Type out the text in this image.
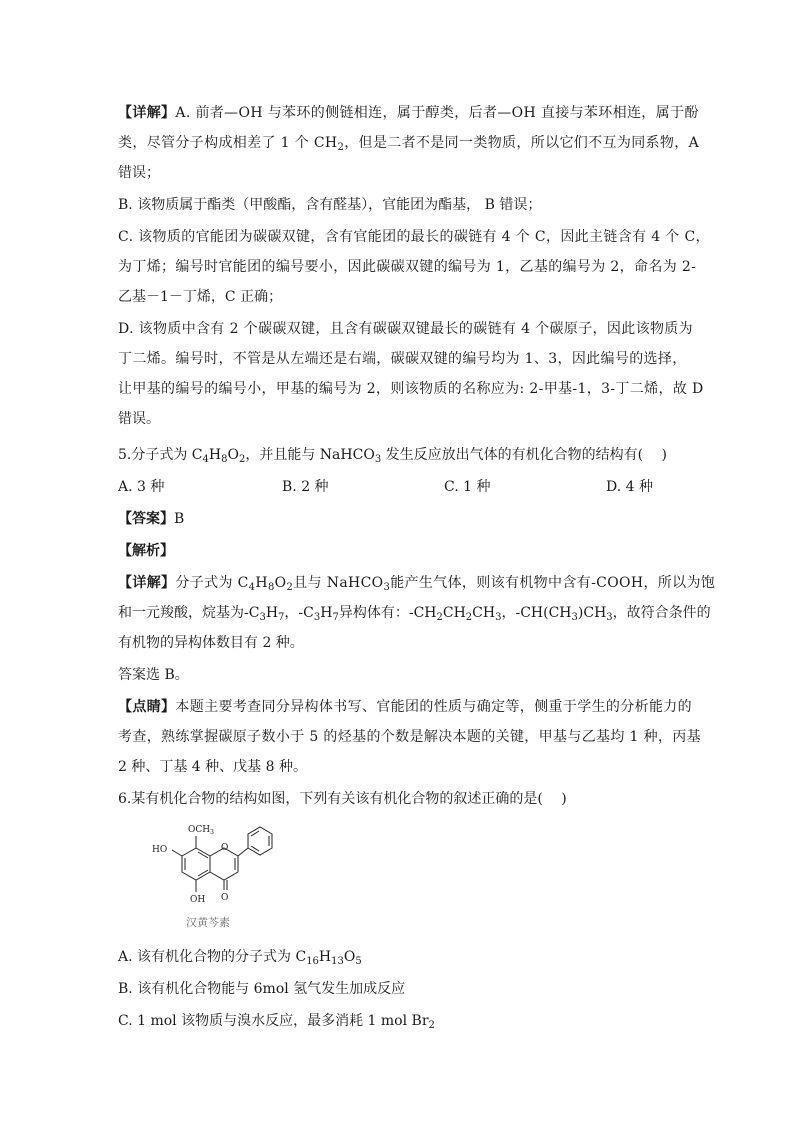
【详解】A. 前者—OH 与苯环的侧链相连，属于醇类，后者—OH 直接与苯环相连，属于酚
类，尽管分子构成相差了 1 个 $CH_2$，但是二者不是同一类物质，所以它们不互为同系物，A
错误；
B. 该物质属于酯类（甲酸酯，含有醛基），官能团为酯基， B 错误；
C. 该物质的官能团为碳碳双键，含有官能团的最长的碳链有 4 个 C，因此主链含有 4 个 C，
为丁烯；编号时官能团的编号要小，因此碳碳双键的编号为 1，乙基的编号为 2，命名为 2-
乙基－1－丁烯，C 正确；
D. 该物质中含有 2 个碳碳双键，且含有碳碳双键最长的碳链有 4 个碳原子，因此该物质为
丁二烯。编号时，不管是从左端还是右端，碳碳双键的编号均为 1、3，因此编号的选择，
让甲基的编号的编号小，甲基的编号为 2，则该物质的名称应为: 2-甲基-1，3-丁二烯，故 D
错误。
5.分子式为 $C_4H_8O_2$，并且能与 NaHCO$_3$ 发生反应放出气体的有机化合物的结构有(　 )
A. 3 种	B. 2 种	C. 1 种	D. 4 种
【答案】B
【解析】
【详解】分子式为 $C_4H_8O_2$且与 NaHCO$_3$能产生气体，则该有机物中含有-COOH，所以为饱
和一元羧酸，烷基为$-C_3H_7$，$-C_3H_7$异构体有：$-CH_2CH_2CH_3$，$-CH(CH_3)CH_3$，故符合条件的
有机物的异构体数目有 2 种。
答案选 B。
【点睛】本题主要考查同分异构体书写、官能团的性质与确定等，侧重于学生的分析能力的
考查，熟练掌握碳原子数小于 5 的烃基的个数是解决本题的关键，甲基与乙基均 1 种，丙基
2 种、丁基 4 种、戊基 8 种。
6.某有机化合物的结构如图，下列有关该有机化合物的叙述正确的是(　 )
$OCH_3$
HO
OH
O
O
汉黄芩素
A. 该有机化合物的分子式为 $C_{16}H_{13}O_5$
B. 该有机化合物能与 6mol 氢气发生加成反应
C. 1 mol 该物质与溴水反应，最多消耗 1 mol $Br_2$
